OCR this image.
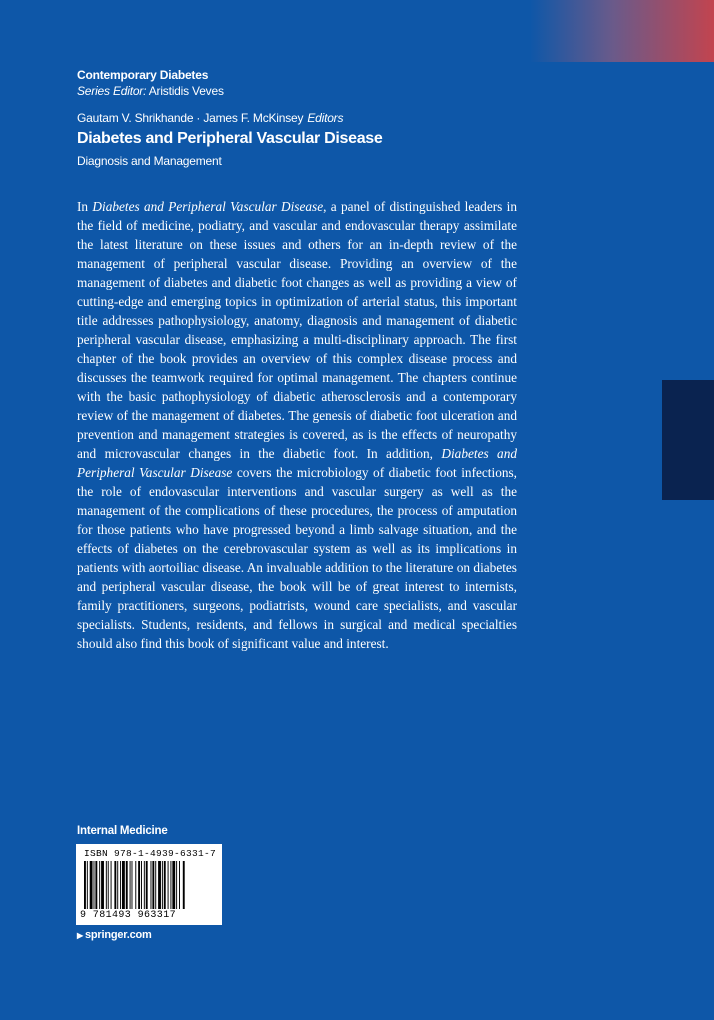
Contemporary Diabetes
Series Editor: Aristidis Veves
Gautam V. Shrikhande · James F. McKinsey Editors
Diabetes and Peripheral Vascular Disease
Diagnosis and Management

In Diabetes and Peripheral Vascular Disease, a panel of distinguished leaders in the field of medicine, podiatry, and vascular and endovascular therapy assimilate the latest literature on these issues and others for an in-depth review of the management of peripheral vascular disease. Providing an overview of the management of diabetes and diabetic foot changes as well as providing a view of cutting-edge and emerging topics in optimization of arterial status, this important title addresses pathophysiology, anatomy, diagnosis and management of diabetic peripheral vascular disease, emphasizing a multi-disciplinary approach. The first chapter of the book provides an overview of this complex disease process and discusses the teamwork required for optimal management. The chapters continue with the basic pathophysiology of diabetic atherosclerosis and a contemporary review of the management of diabetes. The genesis of diabetic foot ulceration and prevention and management strategies is covered, as is the effects of neuropathy and microvascular changes in the diabetic foot. In addition, Diabetes and Peripheral Vascular Disease covers the microbiology of diabetic foot infections, the role of endovascular interventions and vascular surgery as well as the management of the complications of these procedures, the process of amputation for those patients who have progressed beyond a limb salvage situation, and the effects of diabetes on the cerebrovascular system as well as its implications in patients with aortoiliac disease. An invaluable addition to the literature on diabetes and peripheral vascular disease, the book will be of great interest to internists, family practitioners, surgeons, podiatrists, wound care specialists, and vascular specialists. Students, residents, and fellows in surgical and medical specialties should also find this book of significant value and interest.

Internal Medicine
ISBN 978-1-4939-6331-7
9 781493 963317
▶ springer.com
